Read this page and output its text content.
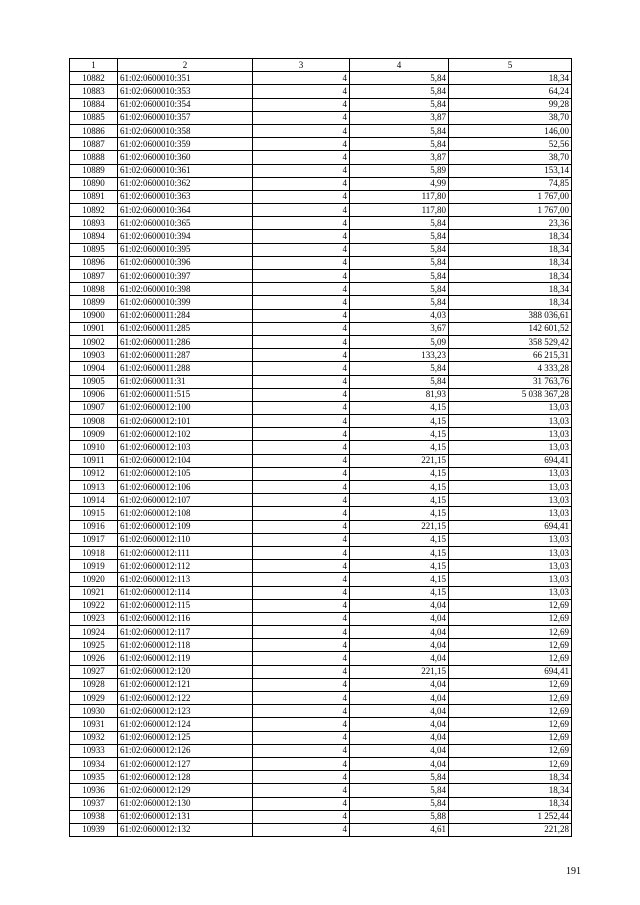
1	2	3	4	5
10882	61:02:0600010:351	4	5,84	18,34
10883	61:02:0600010:353	4	5,84	64,24
10884	61:02:0600010:354	4	5,84	99,28
10885	61:02:0600010:357	4	3,87	38,70
10886	61:02:0600010:358	4	5,84	146,00
10887	61:02:0600010:359	4	5,84	52,56
10888	61:02:0600010:360	4	3,87	38,70
10889	61:02:0600010:361	4	5,89	153,14
10890	61:02:0600010:362	4	4,99	74,85
10891	61:02:0600010:363	4	117,80	1 767,00
10892	61:02:0600010:364	4	117,80	1 767,00
10893	61:02:0600010:365	4	5,84	23,36
10894	61:02:0600010:394	4	5,84	18,34
10895	61:02:0600010:395	4	5,84	18,34
10896	61:02:0600010:396	4	5,84	18,34
10897	61:02:0600010:397	4	5,84	18,34
10898	61:02:0600010:398	4	5,84	18,34
10899	61:02:0600010:399	4	5,84	18,34
10900	61:02:0600011:284	4	4,03	388 036,61
10901	61:02:0600011:285	4	3,67	142 601,52
10902	61:02:0600011:286	4	5,09	358 529,42
10903	61:02:0600011:287	4	133,23	66 215,31
10904	61:02:0600011:288	4	5,84	4 333,28
10905	61:02:0600011:31	4	5,84	31 763,76
10906	61:02:0600011:515	4	81,93	5 038 367,28
10907	61:02:0600012:100	4	4,15	13,03
10908	61:02:0600012:101	4	4,15	13,03
10909	61:02:0600012:102	4	4,15	13,03
10910	61:02:0600012:103	4	4,15	13,03
10911	61:02:0600012:104	4	221,15	694,41
10912	61:02:0600012:105	4	4,15	13,03
10913	61:02:0600012:106	4	4,15	13,03
10914	61:02:0600012:107	4	4,15	13,03
10915	61:02:0600012:108	4	4,15	13,03
10916	61:02:0600012:109	4	221,15	694,41
10917	61:02:0600012:110	4	4,15	13,03
10918	61:02:0600012:111	4	4,15	13,03
10919	61:02:0600012:112	4	4,15	13,03
10920	61:02:0600012:113	4	4,15	13,03
10921	61:02:0600012:114	4	4,15	13,03
10922	61:02:0600012:115	4	4,04	12,69
10923	61:02:0600012:116	4	4,04	12,69
10924	61:02:0600012:117	4	4,04	12,69
10925	61:02:0600012:118	4	4,04	12,69
10926	61:02:0600012:119	4	4,04	12,69
10927	61:02:0600012:120	4	221,15	694,41
10928	61:02:0600012:121	4	4,04	12,69
10929	61:02:0600012:122	4	4,04	12,69
10930	61:02:0600012:123	4	4,04	12,69
10931	61:02:0600012:124	4	4,04	12,69
10932	61:02:0600012:125	4	4,04	12,69
10933	61:02:0600012:126	4	4,04	12,69
10934	61:02:0600012:127	4	4,04	12,69
10935	61:02:0600012:128	4	5,84	18,34
10936	61:02:0600012:129	4	5,84	18,34
10937	61:02:0600012:130	4	5,84	18,34
10938	61:02:0600012:131	4	5,88	1 252,44
10939	61:02:0600012:132	4	4,61	221,28
191
